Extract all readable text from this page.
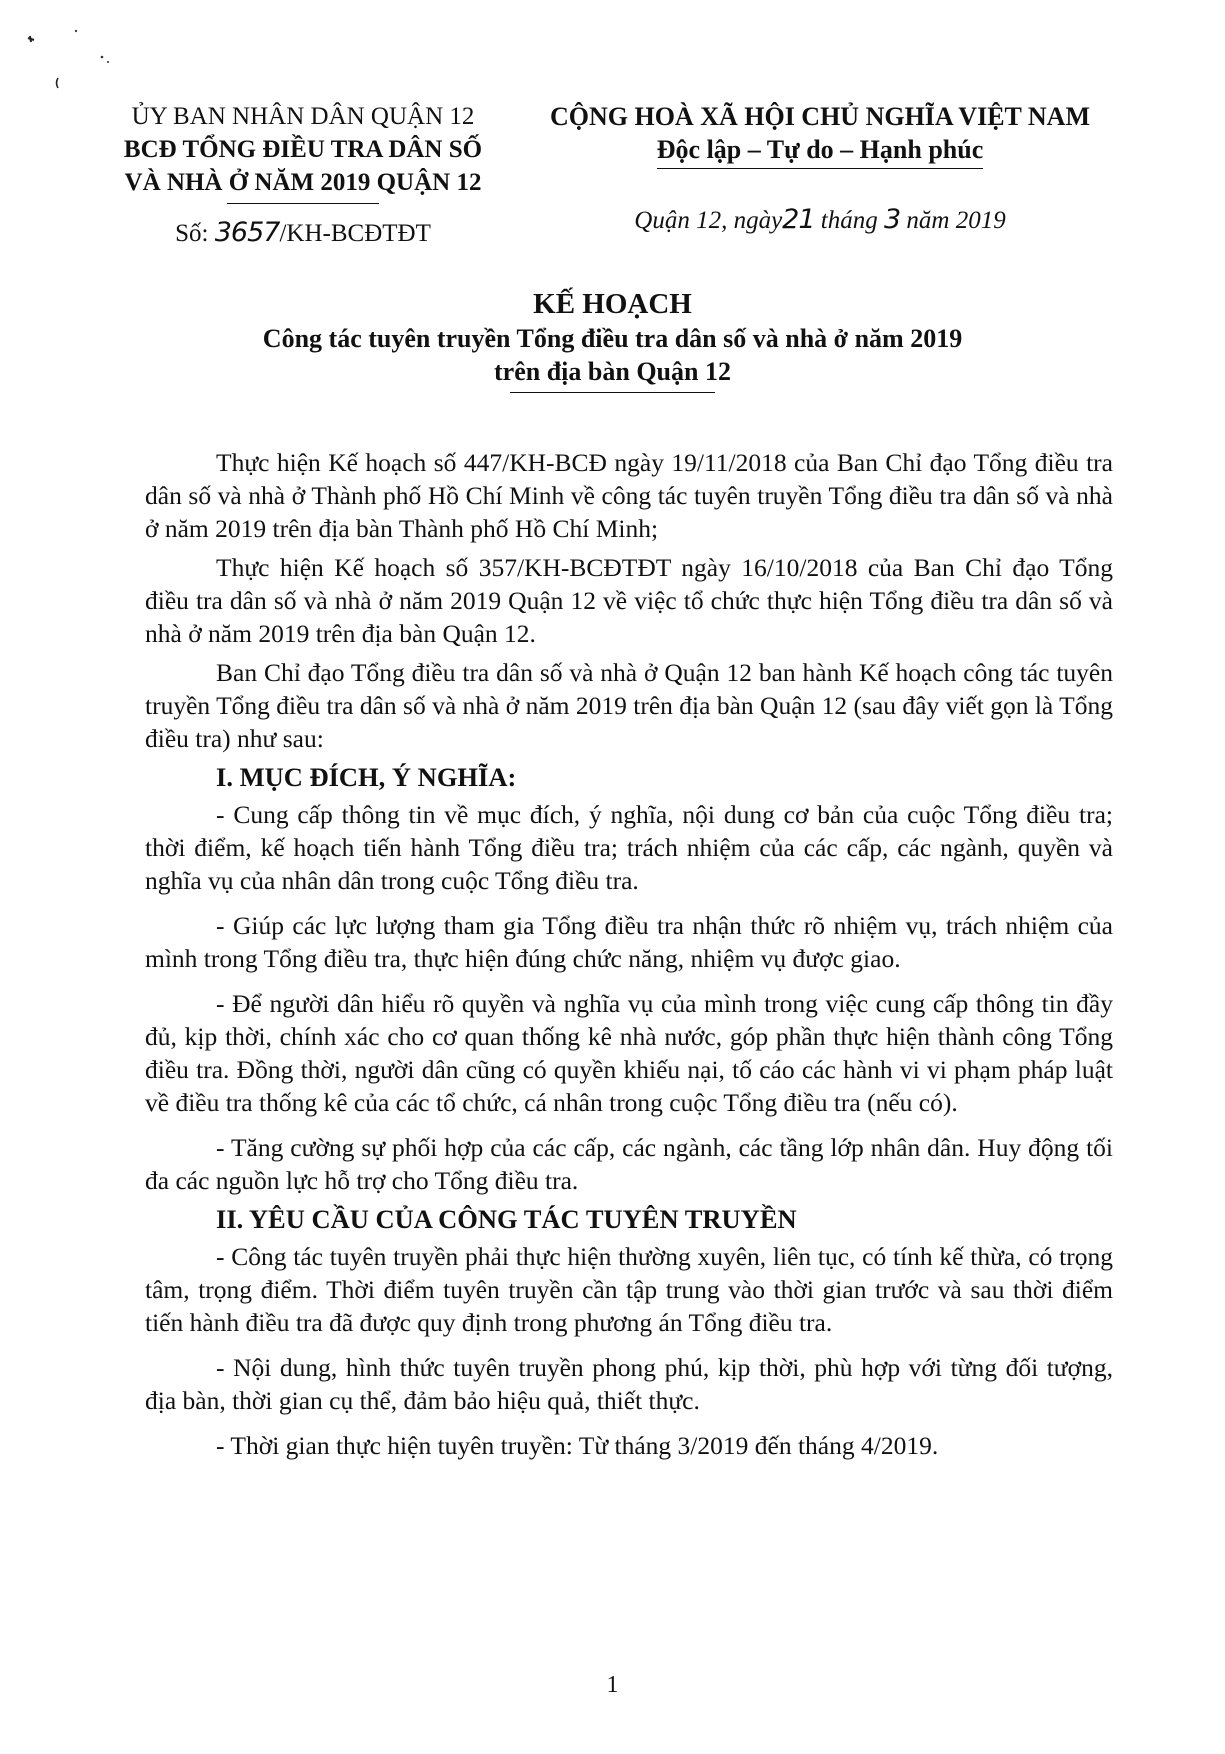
ỦY BAN NHÂN DÂN QUẬN 12
BCĐ TỔNG ĐIỀU TRA DÂN SỐ
VÀ NHÀ Ở NĂM 2019 QUẬN 12
Số: 3657/KH-BCĐTĐT
CỘNG HOÀ XÃ HỘI CHỦ NGHĨA VIỆT NAM
Độc lập – Tự do – Hạnh phúc
Quận 12, ngày21 tháng 3 năm 2019
KẾ HOẠCH
Công tác tuyên truyền Tổng điều tra dân số và nhà ở năm 2019
trên địa bàn Quận 12

Thực hiện Kế hoạch số 447/KH-BCĐ ngày 19/11/2018 của Ban Chỉ đạo Tổng điều tra dân số và nhà ở Thành phố Hồ Chí Minh về công tác tuyên truyền Tổng điều tra dân số và nhà ở năm 2019 trên địa bàn Thành phố Hồ Chí Minh;

Thực hiện Kế hoạch số 357/KH-BCĐTĐT ngày 16/10/2018 của Ban Chỉ đạo Tổng điều tra dân số và nhà ở năm 2019 Quận 12 về việc tổ chức thực hiện Tổng điều tra dân số và nhà ở năm 2019 trên địa bàn Quận 12.

Ban Chỉ đạo Tổng điều tra dân số và nhà ở Quận 12 ban hành Kế hoạch công tác tuyên truyền Tổng điều tra dân số và nhà ở năm 2019 trên địa bàn Quận 12 (sau đây viết gọn là Tổng điều tra) như sau:

I. MỤC ĐÍCH, Ý NGHĨA:

- Cung cấp thông tin về mục đích, ý nghĩa, nội dung cơ bản của cuộc Tổng điều tra; thời điểm, kế hoạch tiến hành Tổng điều tra; trách nhiệm của các cấp, các ngành, quyền và nghĩa vụ của nhân dân trong cuộc Tổng điều tra.

- Giúp các lực lượng tham gia Tổng điều tra nhận thức rõ nhiệm vụ, trách nhiệm của mình trong Tổng điều tra, thực hiện đúng chức năng, nhiệm vụ được giao.

- Để người dân hiểu rõ quyền và nghĩa vụ của mình trong việc cung cấp thông tin đầy đủ, kịp thời, chính xác cho cơ quan thống kê nhà nước, góp phần thực hiện thành công Tổng điều tra. Đồng thời, người dân cũng có quyền khiếu nại, tố cáo các hành vi vi phạm pháp luật về điều tra thống kê của các tổ chức, cá nhân trong cuộc Tổng điều tra (nếu có).

- Tăng cường sự phối hợp của các cấp, các ngành, các tầng lớp nhân dân. Huy động tối đa các nguồn lực hỗ trợ cho Tổng điều tra.

II. YÊU CẦU CỦA CÔNG TÁC TUYÊN TRUYỀN

- Công tác tuyên truyền phải thực hiện thường xuyên, liên tục, có tính kế thừa, có trọng tâm, trọng điểm. Thời điểm tuyên truyền cần tập trung vào thời gian trước và sau thời điểm tiến hành điều tra đã được quy định trong phương án Tổng điều tra.

- Nội dung, hình thức tuyên truyền phong phú, kịp thời, phù hợp với từng đối tượng, địa bàn, thời gian cụ thể, đảm bảo hiệu quả, thiết thực.

- Thời gian thực hiện tuyên truyền: Từ tháng 3/2019 đến tháng 4/2019.

1
